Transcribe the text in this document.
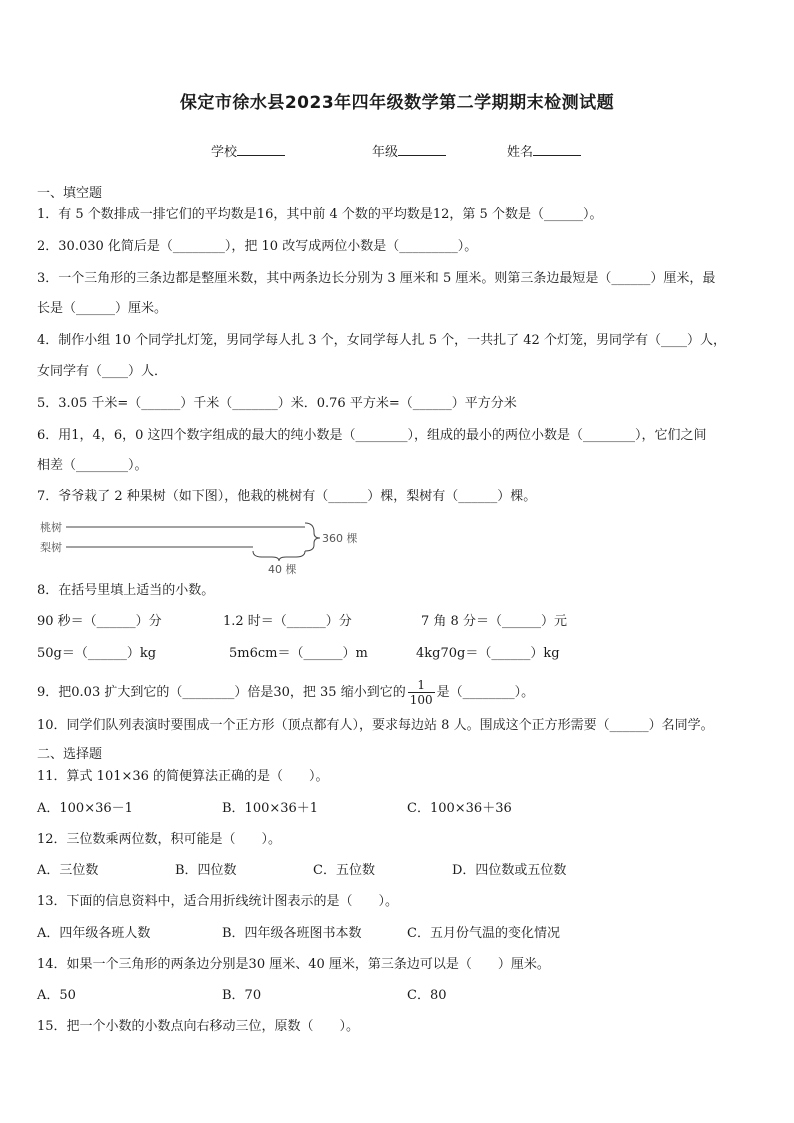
保定市徐水县2023年四年级数学第二学期期末检测试题
学校	年级	姓名
一、填空题
1．有 5 个数排成一排它们的平均数是16，其中前 4 个数的平均数是12，第 5 个数是（______）。
2．30.030 化简后是（________），把 10 改写成两位小数是（_________）。
3．一个三角形的三条边都是整厘米数，其中两条边长分别为 3 厘米和 5 厘米。则第三条边最短是（______）厘米，最
长是（______）厘米。
4．制作小组 10 个同学扎灯笼，男同学每人扎 3 个，女同学每人扎 5 个，一共扎了 42 个灯笼，男同学有（____）人，
女同学有（____）人．
5．3.05 千米=（______）千米（_______）米．0.76 平方米=（______）平方分米
6．用1，4，6，0 这四个数字组成的最大的纯小数是（________），组成的最小的两位小数是（________），它们之间
相差（________）。
7．爷爷栽了 2 种果树（如下图），他栽的桃树有（______）棵，梨树有（______）棵。
桃树
梨树
360 棵
40 棵
8．在括号里填上适当的小数。
90 秒＝（______）分	1.2 时＝（______）分	7 角 8 分＝（______）元
50g＝（______）kg	5m6cm＝（______）m	4kg70g＝（______）kg
9．把0.03 扩大到它的（________）倍是30，把 35 缩小到它的 $\frac{1}{100}$ 是（________）。
10．同学们队列表演时要围成一个正方形（顶点都有人），要求每边站 8 人。围成这个正方形需要（______）名同学。
二、选择题
11．算式 101×36 的简便算法正确的是（　　）。
A．100×36－1	B．100×36＋1	C．100×36＋36
12．三位数乘两位数，积可能是（　　）。
A．三位数	B．四位数	C．五位数	D．四位数或五位数
13．下面的信息资料中，适合用折线统计图表示的是（　　）。
A．四年级各班人数	B．四年级各班图书本数	C．五月份气温的变化情况
14．如果一个三角形的两条边分别是30 厘米、40 厘米，第三条边可以是（　　）厘米。
A．50	B．70	C．80
15．把一个小数的小数点向右移动三位，原数（　　）。
